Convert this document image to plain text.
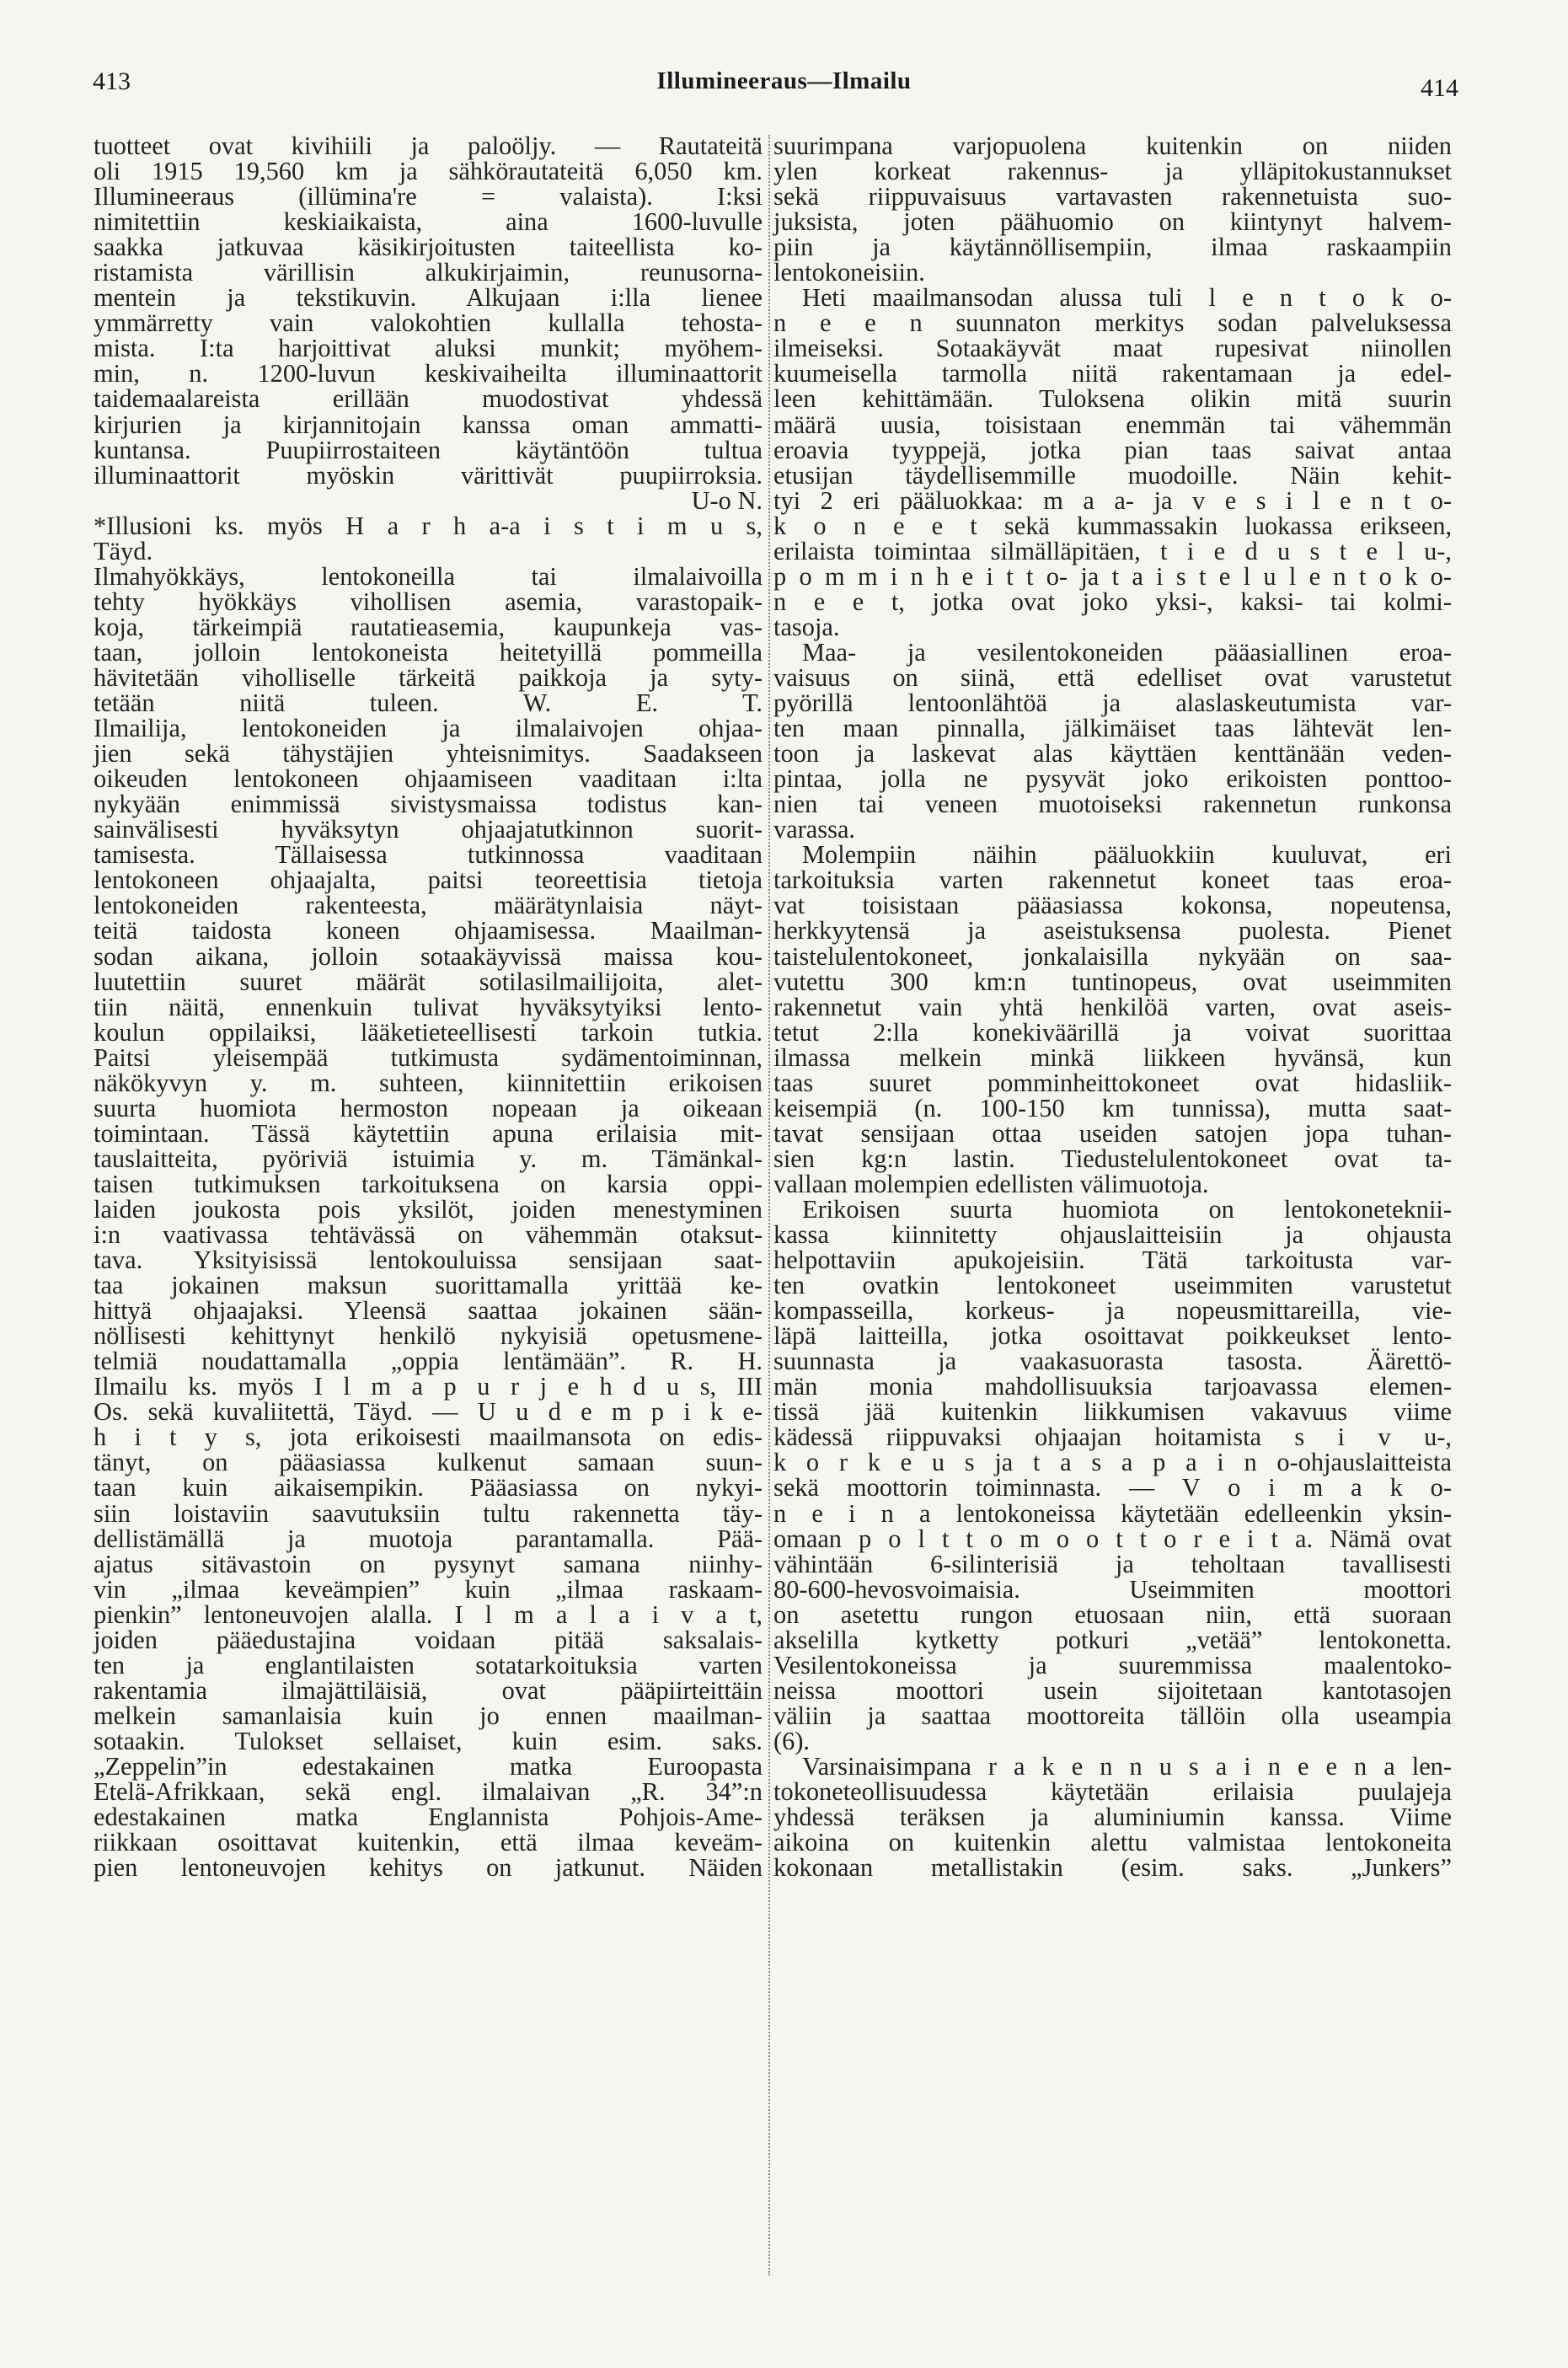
413	Illumineeraus—Ilmailu	414
tuotteet ovat kivihiili ja paloöljy. — Rautateitä
oli 1915 19,560 km ja sähkörautateitä 6,050 km.
Illumineeraus (illümina're = valaista). I:ksi
nimitettiin keskiaikaista, aina 1600-luvulle
saakka jatkuvaa käsikirjoitusten taiteellista ko-
ristamista värillisin alkukirjaimin, reunusorna-
mentein ja tekstikuvin. Alkujaan i:lla lienee
ymmärretty vain valokohtien kullalla tehosta-
mista. I:ta harjoittivat aluksi munkit; myöhem-
min, n. 1200-luvun keskivaiheilta illuminaattorit
taidemaalareista erillään muodostivat yhdessä
kirjurien ja kirjannitojain kanssa oman ammatti-
kuntansa. Puupiirrostaiteen käytäntöön tultua
illuminaattorit myöskin värittivät puupiirroksia.
U-o N.
*Illusioni ks. myös H a r h a-a i s t i m u s,
Täyd.
Ilmahyökkäys, lentokoneilla tai ilmalaivoilla
tehty hyökkäys vihollisen asemia, varastopaik-
koja, tärkeimpiä rautatieasemia, kaupunkeja vas-
taan, jolloin lentokoneista heitetyillä pommeilla
hävitetään viholliselle tärkeitä paikkoja ja syty-
tetään niitä tuleen. W. E. T.
Ilmailija, lentokoneiden ja ilmalaivojen ohjaa-
jien sekä tähystäjien yhteisnimitys. Saadakseen
oikeuden lentokoneen ohjaamiseen vaaditaan i:lta
nykyään enimmissä sivistysmaissa todistus kan-
sainvälisesti hyväksytyn ohjaajatutkinnon suorit-
tamisesta. Tällaisessa tutkinnossa vaaditaan
lentokoneen ohjaajalta, paitsi teoreettisia tietoja
lentokoneiden rakenteesta, määrätynlaisia näyt-
teitä taidosta koneen ohjaamisessa. Maailman-
sodan aikana, jolloin sotaakäyvissä maissa kou-
luutettiin suuret määrät sotilasilmailijoita, alet-
tiin näitä, ennenkuin tulivat hyväksytyiksi lento-
koulun oppilaiksi, lääketieteellisesti tarkoin tutkia.
Paitsi yleisempää tutkimusta sydämentoiminnan,
näkökyvyn y. m. suhteen, kiinnitettiin erikoisen
suurta huomiota hermoston nopeaan ja oikeaan
toimintaan. Tässä käytettiin apuna erilaisia mit-
tauslaitteita, pyöriviä istuimia y. m. Tämänkal-
taisen tutkimuksen tarkoituksena on karsia oppi-
laiden joukosta pois yksilöt, joiden menestyminen
i:n vaativassa tehtävässä on vähemmän otaksut-
tava. Yksityisissä lentokouluissa sensijaan saat-
taa jokainen maksun suorittamalla yrittää ke-
hittyä ohjaajaksi. Yleensä saattaa jokainen sään-
nöllisesti kehittynyt henkilö nykyisiä opetusmene-
telmiä noudattamalla „oppia lentämään”. R. H.
Ilmailu ks. myös I l m a p u r j e h d u s, III
Os. sekä kuvaliitettä, Täyd. — U u d e m p i k e-
h i t y s, jota erikoisesti maailmansota on edis-
tänyt, on pääasiassa kulkenut samaan suun-
taan kuin aikaisempikin. Pääasiassa on nykyi-
siin loistaviin saavutuksiin tultu rakennetta täy-
dellistämällä ja muotoja parantamalla. Pää-
ajatus sitävastoin on pysynyt samana niinhy-
vin „ilmaa keveämpien” kuin „ilmaa raskaam-
pienkin” lentoneuvojen alalla. I l m a l a i v a t,
joiden pääedustajina voidaan pitää saksalais-
ten ja englantilaisten sotatarkoituksia varten
rakentamia ilmajättiläisiä, ovat pääpiirteittäin
melkein samanlaisia kuin jo ennen maailman-
sotaakin. Tulokset sellaiset, kuin esim. saks.
„Zeppelin”in edestakainen matka Euroopasta
Etelä-Afrikkaan, sekä engl. ilmalaivan „R. 34”:n
edestakainen matka Englannista Pohjois-Ame-
riikkaan osoittavat kuitenkin, että ilmaa keveäm-
pien lentoneuvojen kehitys on jatkunut. Näiden
suurimpana varjopuolena kuitenkin on niiden
ylen korkeat rakennus- ja ylläpitokustannukset
sekä riippuvaisuus vartavasten rakennetuista suo-
juksista, joten päähuomio on kiintynyt halvem-
piin ja käytännöllisempiin, ilmaa raskaampiin
lentokoneisiin.
Heti maailmansodan alussa tuli l e n t o k o-
n e e n suunnaton merkitys sodan palveluksessa
ilmeiseksi. Sotaakäyvät maat rupesivat niinollen
kuumeisella tarmolla niitä rakentamaan ja edel-
leen kehittämään. Tuloksena olikin mitä suurin
määrä uusia, toisistaan enemmän tai vähemmän
eroavia tyyppejä, jotka pian taas saivat antaa
etusijan täydellisemmille muodoille. Näin kehit-
tyi 2 eri pääluokkaa: m a a- ja v e s i l e n t o-
k o n e e t sekä kummassakin luokassa erikseen,
erilaista toimintaa silmälläpitäen, t i e d u s t e l u-,
p o m m i n h e i t t o- ja t a i s t e l u l e n t o k o-
n e e t, jotka ovat joko yksi-, kaksi- tai kolmi-
tasoja.
Maa- ja vesilentokoneiden pääasiallinen eroa-
vaisuus on siinä, että edelliset ovat varustetut
pyörillä lentoonlähtöä ja alaslaskeutumista var-
ten maan pinnalla, jälkimäiset taas lähtevät len-
toon ja laskevat alas käyttäen kenttänään veden-
pintaa, jolla ne pysyvät joko erikoisten ponttoo-
nien tai veneen muotoiseksi rakennetun runkonsa
varassa.
Molempiin näihin pääluokkiin kuuluvat, eri
tarkoituksia varten rakennetut koneet taas eroa-
vat toisistaan pääasiassa kokonsa, nopeutensa,
herkkyytensä ja aseistuksensa puolesta. Pienet
taistelulentokoneet, jonkalaisilla nykyään on saa-
vutettu 300 km:n tuntinopeus, ovat useimmiten
rakennetut vain yhtä henkilöä varten, ovat aseis-
tetut 2:lla konekiväärillä ja voivat suorittaa
ilmassa melkein minkä liikkeen hyvänsä, kun
taas suuret pomminheittokoneet ovat hidasliik-
keisempiä (n. 100-150 km tunnissa), mutta saat-
tavat sensijaan ottaa useiden satojen jopa tuhan-
sien kg:n lastin. Tiedustelulentokoneet ovat ta-
vallaan molempien edellisten välimuotoja.
Erikoisen suurta huomiota on lentokoneteknii-
kassa kiinnitetty ohjauslaitteisiin ja ohjausta
helpottaviin apukojeisiin. Tätä tarkoitusta var-
ten ovatkin lentokoneet useimmiten varustetut
kompasseilla, korkeus- ja nopeusmittareilla, vie-
läpä laitteilla, jotka osoittavat poikkeukset lento-
suunnasta ja vaakasuorasta tasosta. Äärettö-
män monia mahdollisuuksia tarjoavassa elemen-
tissä jää kuitenkin liikkumisen vakavuus viime
kädessä riippuvaksi ohjaajan hoitamista s i v u-,
k o r k e u s ja t a s a p a i n o-ohjauslaitteista
sekä moottorin toiminnasta. — V o i m a k o-
n e i n a lentokoneissa käytetään edelleenkin yksin-
omaan p o l t t o m o o t t o r e i t a. Nämä ovat
vähintään 6-silinterisiä ja teholtaan tavallisesti
80-600-hevosvoimaisia. Useimmiten moottori
on asetettu rungon etuosaan niin, että suoraan
akselilla kytketty potkuri „vetää” lentokonetta.
Vesilentokoneissa ja suuremmissa maalentoko-
neissa moottori usein sijoitetaan kantotasojen
väliin ja saattaa moottoreita tällöin olla useampia
(6).
Varsinaisimpana r a k e n n u s a i n e e n a len-
tokoneteollisuudessa käytetään erilaisia puulajeja
yhdessä teräksen ja aluminiumin kanssa. Viime
aikoina on kuitenkin alettu valmistaa lentokoneita
kokonaan metallistakin (esim. saks. „Junkers”
